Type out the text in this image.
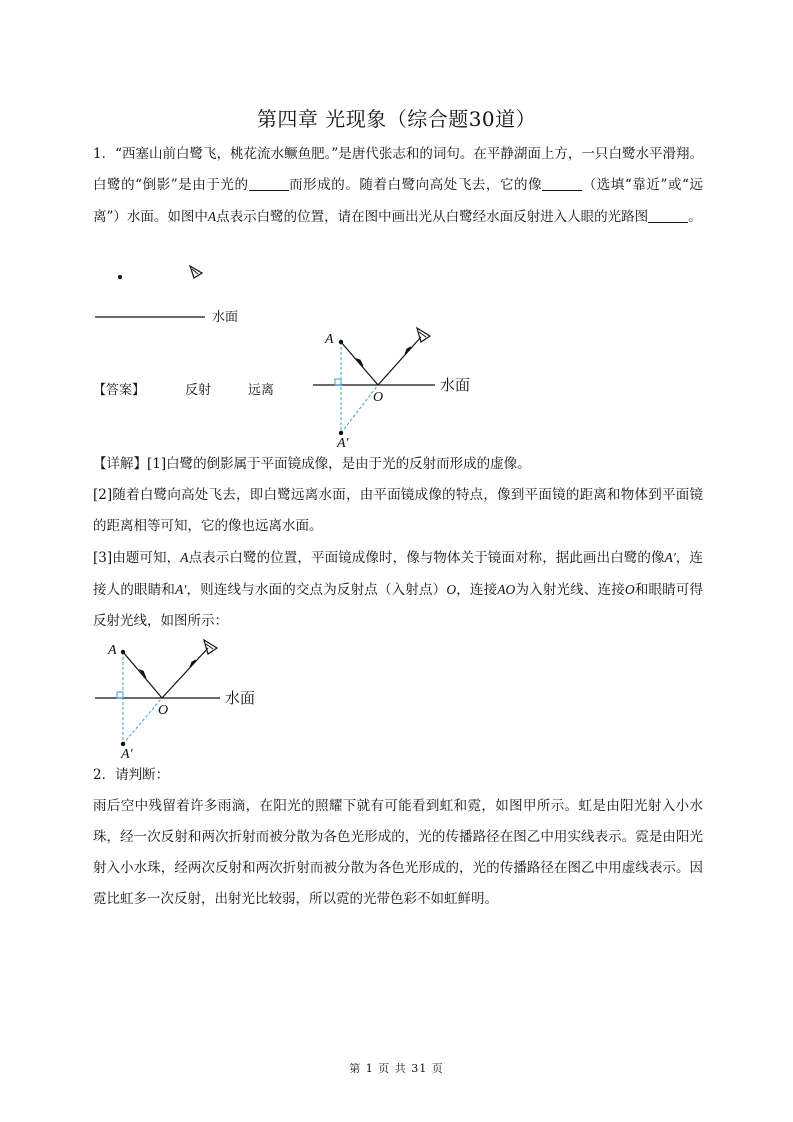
第四章 光现象（综合题30道）
1．“西塞山前白鹭飞，桃花流水鳜鱼肥。”是唐代张志和的词句。在平静湖面上方，一只白鹭水平滑翔。白鹭的“倒影”是由于光的	而形成的。随着白鹭向高处飞去，它的像	（选填“靠近”或“远离”）水面。如图中A点表示白鹭的位置，请在图中画出光从白鹭经水面反射进入人眼的光路图	。
水面
【答案】	反射	远离
A
O
A′
水面
【详解】[1]白鹭的倒影属于平面镜成像，是由于光的反射而形成的虚像。
[2]随着白鹭向高处飞去，即白鹭远离水面，由平面镜成像的特点，像到平面镜的距离和物体到平面镜的距离相等可知，它的像也远离水面。
[3]由题可知，A点表示白鹭的位置，平面镜成像时，像与物体关于镜面对称，据此画出白鹭的像A′，连接人的眼睛和A′，则连线与水面的交点为反射点（入射点）O，连接AO为入射光线、连接O和眼睛可得反射光线，如图所示：
A
O
A′
水面
2．请判断：
雨后空中残留着许多雨滴，在阳光的照耀下就有可能看到虹和霓，如图甲所示。虹是由阳光射入小水珠，经一次反射和两次折射而被分散为各色光形成的，光的传播路径在图乙中用实线表示。霓是由阳光射入小水珠，经两次反射和两次折射而被分散为各色光形成的，光的传播路径在图乙中用虚线表示。因霓比虹多一次反射，出射光比较弱，所以霓的光带色彩不如虹鲜明。
第 1 页 共 31 页
